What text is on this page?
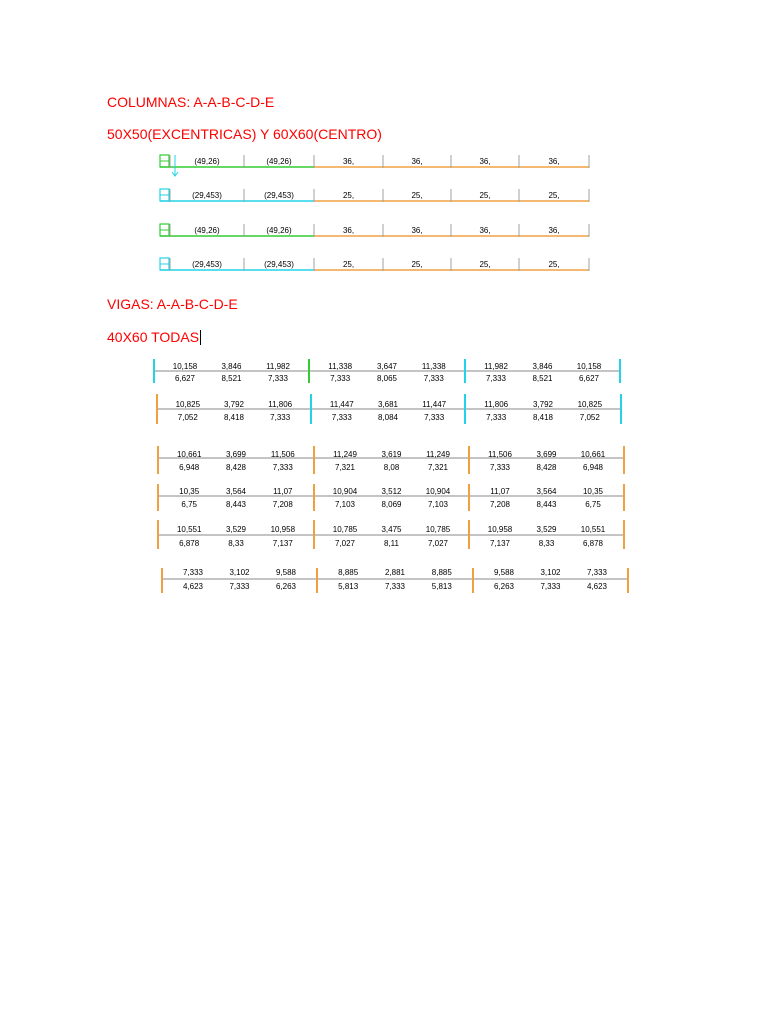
COLUMNAS: A-A-B-C-D-E
50X50(EXCENTRICAS) Y 60X60(CENTRO)
(49,26)	(49,26)	36,	36,	36,	36,
(29,453)	(29,453)	25,	25,	25,	25,
(49,26)	(49,26)	36,	36,	36,	36,
(29,453)	(29,453)	25,	25,	25,	25,
VIGAS: A-A-B-C-D-E
40X60 TODAS
10,158	3,846	11,982
6,627	8,521	7,333
11,338	3,647	11,338
7,333	8,065	7,333
11,982	3,846	10,158
7,333	8,521	6,627
10,825	3,792	11,806
7,052	8,418	7,333
11,447	3,681	11,447
7,333	8,084	7,333
11,806	3,792	10,825
7,333	8,418	7,052
10,661	3,699	11,506
6,948	8,428	7,333
11,249	3,619	11,249
7,321	8,08	7,321
11,506	3,699	10,661
7,333	8,428	6,948
10,35	3,564	11,07
6,75	8,443	7,208
10,904	3,512	10,904
7,103	8,069	7,103
11,07	3,564	10,35
7,208	8,443	6,75
10,551	3,529	10,958
6,878	8,33	7,137
10,785	3,475	10,785
7,027	8,11	7,027
10,958	3,529	10,551
7,137	8,33	6,878
7,333	3,102	9,588
4,623	7,333	6,263
8,885	2,881	8,885
5,813	7,333	5,813
9,588	3,102	7,333
6,263	7,333	4,623
